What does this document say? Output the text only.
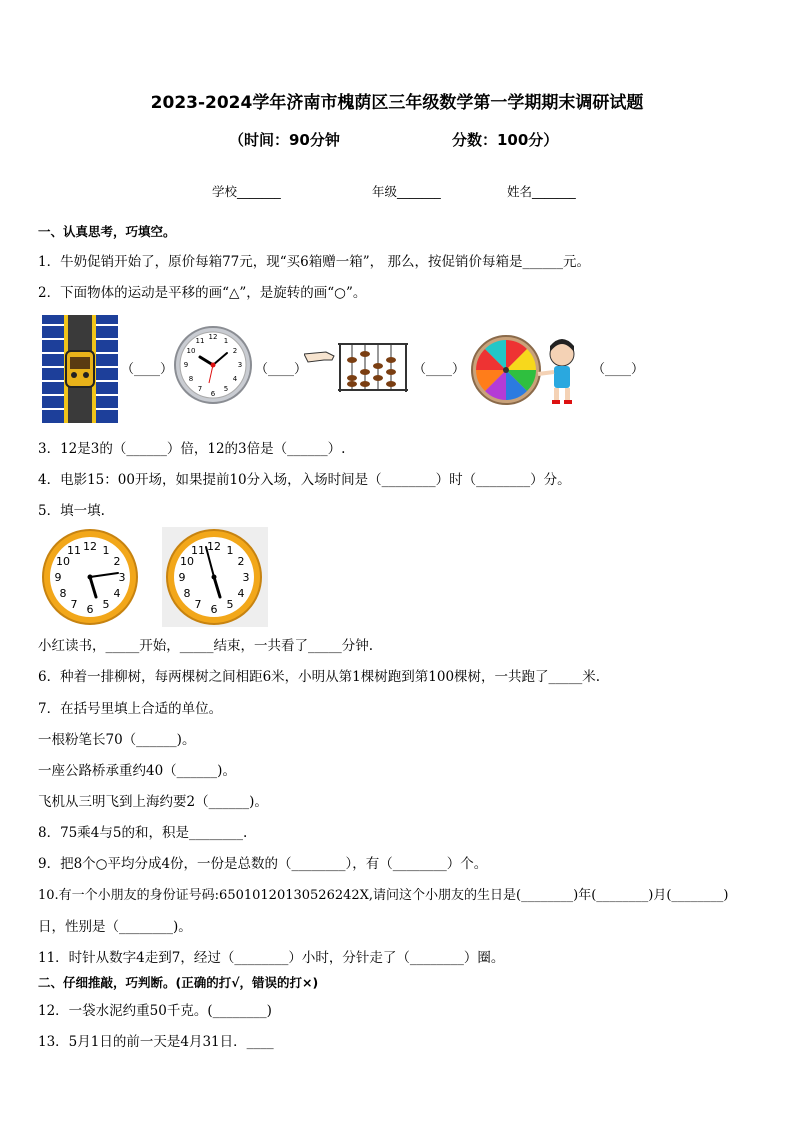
2023-2024学年济南市槐荫区三年级数学第一学期期末调研试题
（时间：90分钟	分数：100分）
学校_______	年级_______	姓名_______
一、认真思考，巧填空。
1．牛奶促销开始了，原价每箱77元，现“买6箱赠一箱”， 那么，按促销价每箱是______元。
2．下面物体的运动是平移的画“△”，是旋转的画“○”。
（____）
12 1
2
3
4
5
6
7
8
9
10
11
（____）	（____）	（____）
3．12是3的（______）倍，12的3倍是（______）.
4．电影15：00开场，如果提前10分入场，入场时间是（________）时（________）分。
5．填一填.
12 1
2
3
4
5
6
7
8
9
10
11	12 1
2
3
4
5
6
7
8
9
10
11
小红读书，_____开始，_____结束，一共看了_____分钟.
6．种着一排柳树，每两棵树之间相距6米，小明从第1棵树跑到第100棵树，一共跑了_____米.
7．在括号里填上合适的单位。
一根粉笔长70（______)。
一座公路桥承重约40（______)。
飞机从三明飞到上海约要2（______)。
8．75乘4与5的和，积是________.
9．把8个○平均分成4份，一份是总数的（________），有（________）个。
10.有一个小朋友的身份证号码:65010120130526242X,请问这个小朋友的生日是(________)年(________)月(________)
日，性别是（________)。
11．时针从数字4走到7，经过（________）小时，分针走了（________）圈。
二、仔细推敲，巧判断。(正确的打√，错误的打×)
12．一袋水泥约重50千克。(________)
13．5月1日的前一天是4月31日．____
